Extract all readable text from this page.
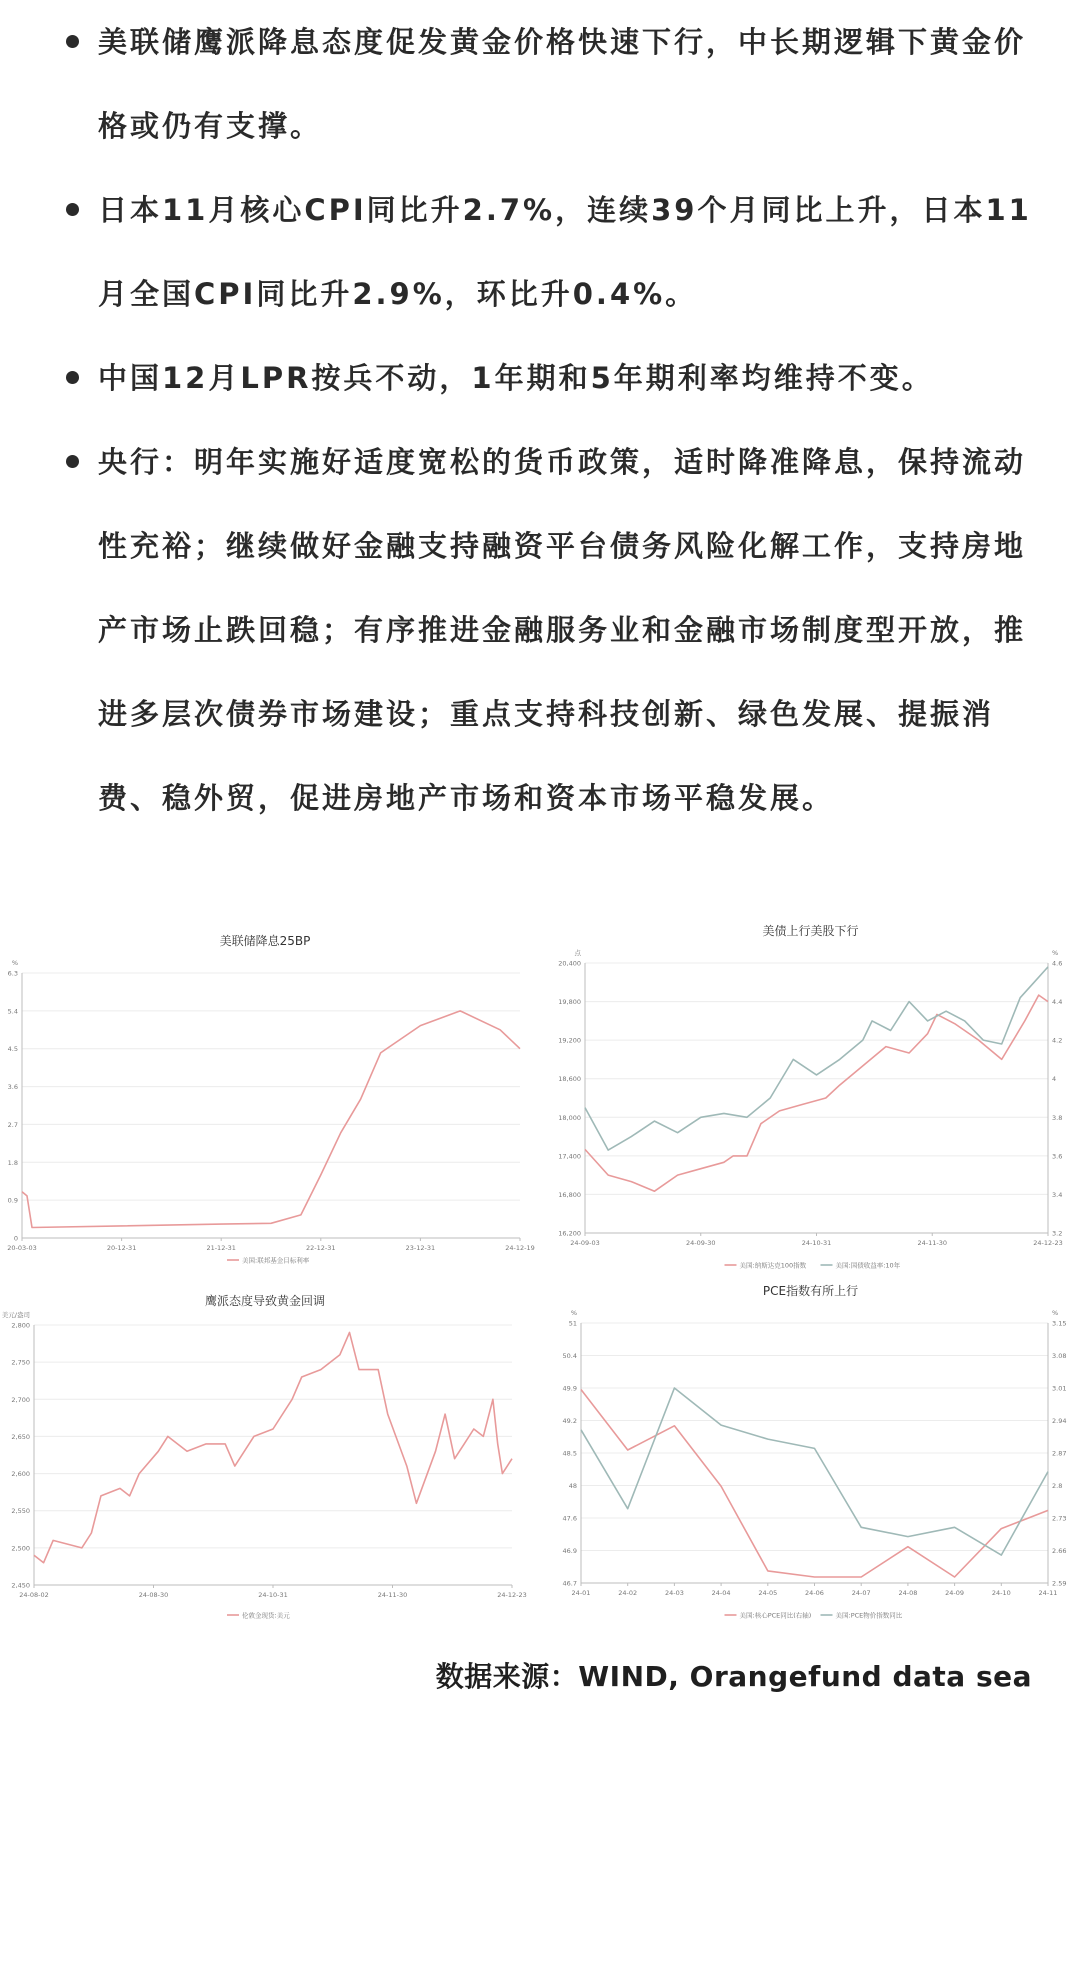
美联储鹰派降息态度促发黄金价格快速下行，中长期逻辑下黄金价格或仍有支撑。
日本11月核心CPI同比升2.7%，连续39个月同比上升，日本11月全国CPI同比升2.9%，环比升0.4%。
中国12月LPR按兵不动，1年期和5年期利率均维持不变。
央行：明年实施好适度宽松的货币政策，适时降准降息，保持流动性充裕；继续做好金融支持融资平台债务风险化解工作，支持房地产市场止跌回稳；有序推进金融服务业和金融市场制度型开放，推进多层次债券市场建设；重点支持科技创新、绿色发展、提振消费、稳外贸，促进房地产市场和资本市场平稳发展。
美联储降息25BP
0
0.9
1.8
2.7
3.6
4.5
5.4
6.3
%
20-03-03	20-12-31	21-12-31	22-12-31	23-12-31	24-12-19
美国:联邦基金目标利率
美债上行美股下行
16,200
16,800
17,400
18,000
18,600
19,200
19,800
20,400
3.2
3.4
3.6
3.8
4
4.2
4.4
4.6
点	%
24-09-03	24-09-30	24-10-31	24-11-30	24-12-23
美国:纳斯达克100指数	美国:国债收益率:10年
鹰派态度导致黄金回调
2,450
2,500
2,550
2,600
2,650
2,700
2,750
2,800
美元/盎司
24-08-02	24-08-30	24-10-31	24-11-30	24-12-23
伦敦金现货:美元
PCE指数有所上行
46.7
46.9
47.6
48
48.5
49.2
49.9
50.4
51
2.59
2.66
2.73
2.8
2.87
2.94
3.01
3.08
3.15
%	%
24-01	24-02	24-03	24-04	24-05	24-06	24-07	24-08	24-09	24-10	24-11
美国:核心PCE同比(右轴)	美国:PCE物价指数同比
数据来源：WIND, Orangefund data sea
